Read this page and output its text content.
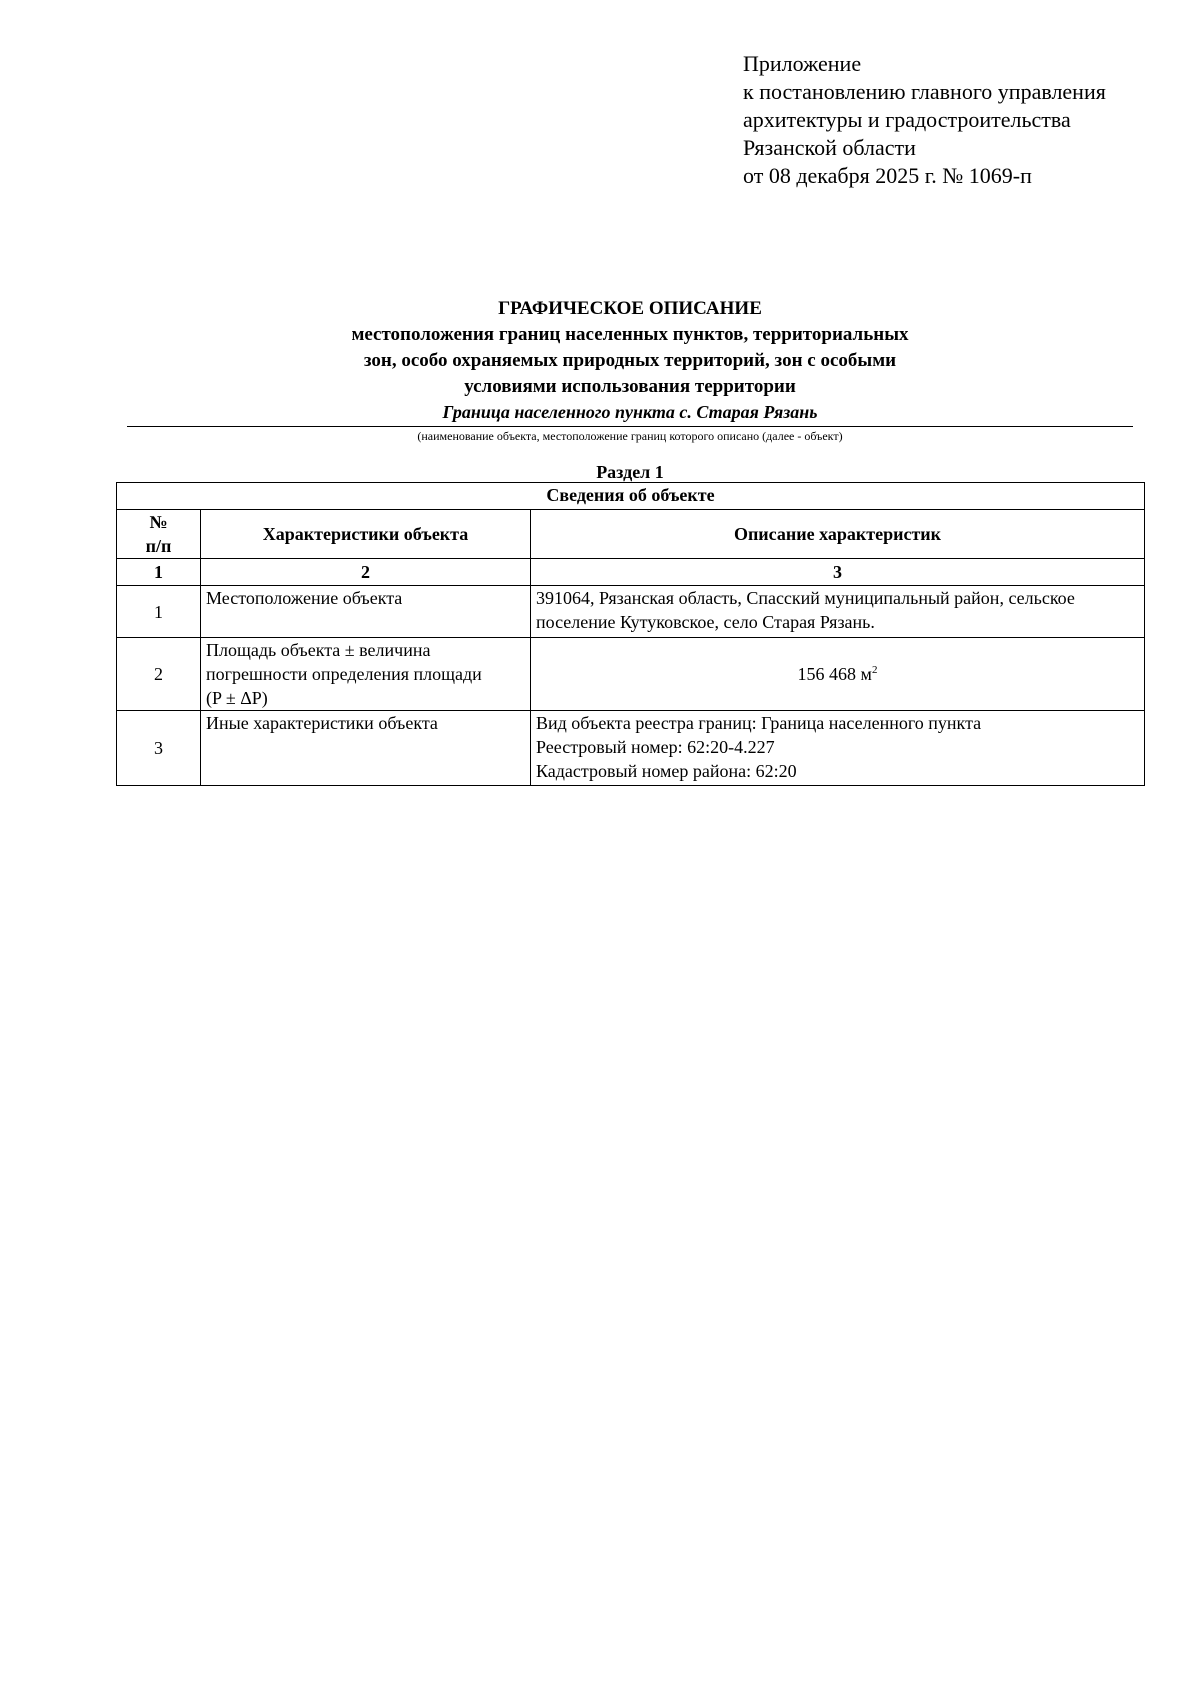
Приложение
к постановлению главного управления
архитектуры и градостроительства
Рязанской области
от 08 декабря 2025 г. № 1069-п
ГРАФИЧЕСКОЕ ОПИСАНИЕ
местоположения границ населенных пунктов, территориальных
зон, особо охраняемых природных территорий, зон с особыми
условиями использования территории
Граница населенного пункта с. Старая Рязань
(наименование объекта, местоположение границ которого описано (далее - объект)
Раздел 1
Сведения об объекте		

№
п/п	Характеристики объекта	Описание характеристик
1	2	3
1	Местоположение объекта	391064, Рязанская область, Спасский муниципальный район, сельское
поселение Кутуковское, село Старая Рязань.

2	Площадь объекта ± величина
погрешности определения площади
(P ± ΔP)	156 468 $м^2$
3	Иные характеристики объекта	Вид объекта реестра границ: Граница населенного пункта
Реестровый номер: 62:20-4.227
Кадастровый номер района: 62:20
